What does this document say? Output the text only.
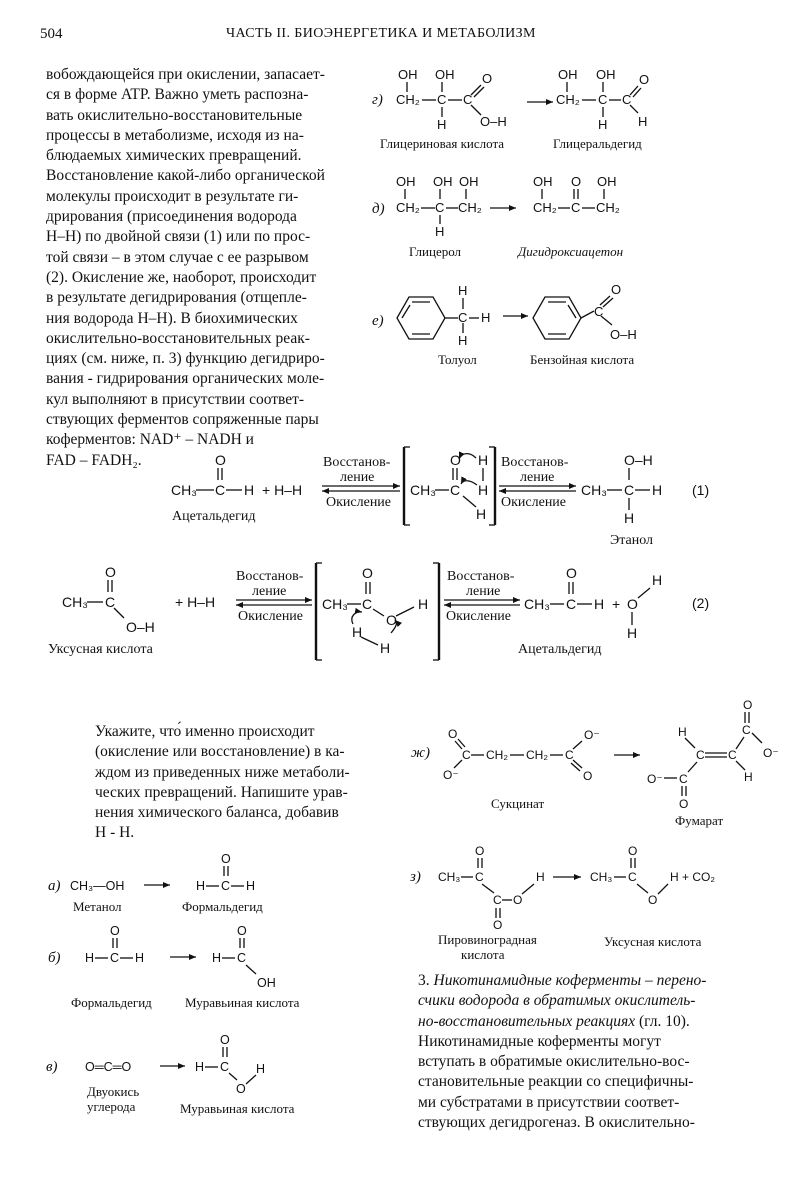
504	ЧАСТЬ II. БИОЭНЕРГЕТИКА И МЕТАБОЛИЗМ
вобождающейся при окислении, запасает-
ся в форме ATP. Важно уметь распозна-
вать окислительно-восстановительные
процессы в метаболизме, исходя из на-
блюдаемых химических превращений.
Восстановление какой-либо органической
молекулы происходит в результате ги-
дрирования (присоединения водорода
Н–Н) по двойной связи (1) или по прос-
той связи – в этом случае с ее разрывом
(2). Окисление же, наоборот, происходит
в результате дегидрирования (отщепле-
ния водорода Н–Н). В биохимических
окислительно-восстановительных реак-
циях (см. ниже, п. 3) функцию дегидриро-
вания - гидрирования органических моле-
кул выполняют в присутствии соответ-
ствующих ферментов сопряженные пары
коферментов: NAD⁺ – NADH и
FAD – FADH₂.
Укажите, что́ именно происходит
(окисление или восстановление) в ка-
ждом из приведенных ниже метаболи-
ческих превращений. Напишите урав-
нения химического баланса, добавив
Н - Н.
3. Никотинамидные коферменты – перено-
счики водорода в обратимых окислитель-
но-восстановительных реакциях (гл. 10).
Никотинамидные коферменты могут
вступать в обратимые окислительно-вос-
становительные реакции со специфичны-
ми субстратами в присутствии соответ-
ствующих дегидрогеназ. В окислительно-
г)
OH OH
CH₂ C C
O
O–H
H
OH OH
CH₂ C C
O
H
H
Глицериновая кислота	Глицеральдегид
д)
OH OH OH
CH₂ C CH₂
H
OH O OH
CH₂ C CH₂
Глицерол	Дигидроксиацетон
е)	C
H
H
H
C
O
O–H
Толуол	Бензойная кислота
CH₃ C
O
H + H–H
Ацетальдегид
Восстанов-
ление
Окисление
CH₃ C
O H
H
H
Восстанов-
ление
Окисление
CH₃ C
O–H
H
H
Этанол
(1)
CH₃ C
O
O–H
+ H–H
Уксусная кислота
Восстанов-
ление
Окисление
CH₃ C
O
O
H
H
H
Восстанов-
ление
Окисление
CH₃ C
O
H + O
H
H
Ацетальдегид
(2)
ж)
O
C
O⁻
CH₂ CH₂ C
O⁻
O
H
C C
C
O
O⁻
H
C
O⁻
O
Сукцинат
Фумарат
з) CH₃ C
O
C
O
O
H	CH₃ C
O
O
H + CO₂
Пировиноградная
кислота
Уксусная кислота
а) CH₃—OH	H C
O
H
Метанол	Формальдегид
б) H C
O
H	H C
O
OH
Формальдегид	Муравьиная кислота
в) O═C═O	H C
O
O
H
Двуокись
углерода	Муравьиная кислота
